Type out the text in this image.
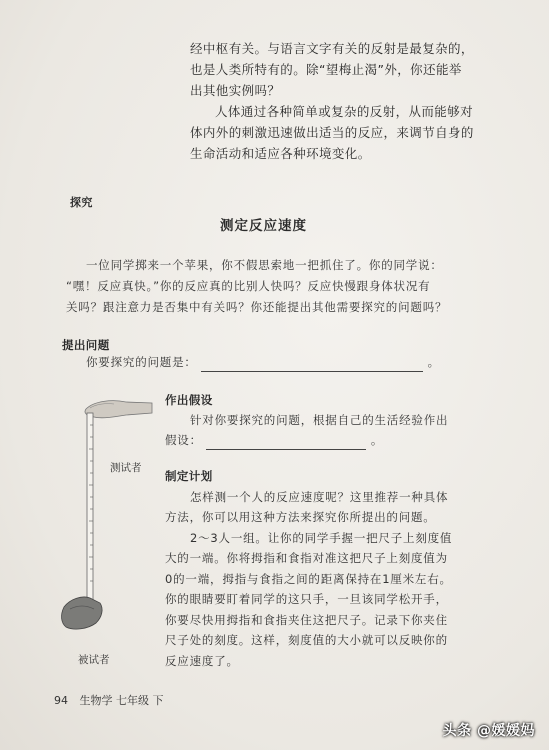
经中枢有关。与语言文字有关的反射是最复杂的，
也是人类所特有的。除“望梅止渴”外，你还能举
出其他实例吗？
人体通过各种简单或复杂的反射，从而能够对
体内外的刺激迅速做出适当的反应，来调节自身的
生命活动和适应各种环境变化。
探究
测定反应速度
一位同学掷来一个苹果，你不假思索地一把抓住了。你的同学说：
“嘿！反应真快。”你的反应真的比别人快吗？反应快慢跟身体状况有
关吗？跟注意力是否集中有关吗？你还能提出其他需要探究的问题吗？
提出问题
你要探究的问题是：	。
测试者
被试者
作出假设
针对你要探究的问题，根据自己的生活经验作出
假设：	。
制定计划
怎样测一个人的反应速度呢？这里推荐一种具体
方法，你可以用这种方法来探究你所提出的问题。
2～3人一组。让你的同学手握一把尺子上刻度值
大的一端。你将拇指和食指对准这把尺子上刻度值为
0的一端，拇指与食指之间的距离保持在1厘米左右。
你的眼睛要盯着同学的这只手，一旦该同学松开手，
你要尽快用拇指和食指夹住这把尺子。记录下你夹住
尺子处的刻度。这样，刻度值的大小就可以反映你的
反应速度了。
94 生物学 七年级 下
头条 @媛媛妈
